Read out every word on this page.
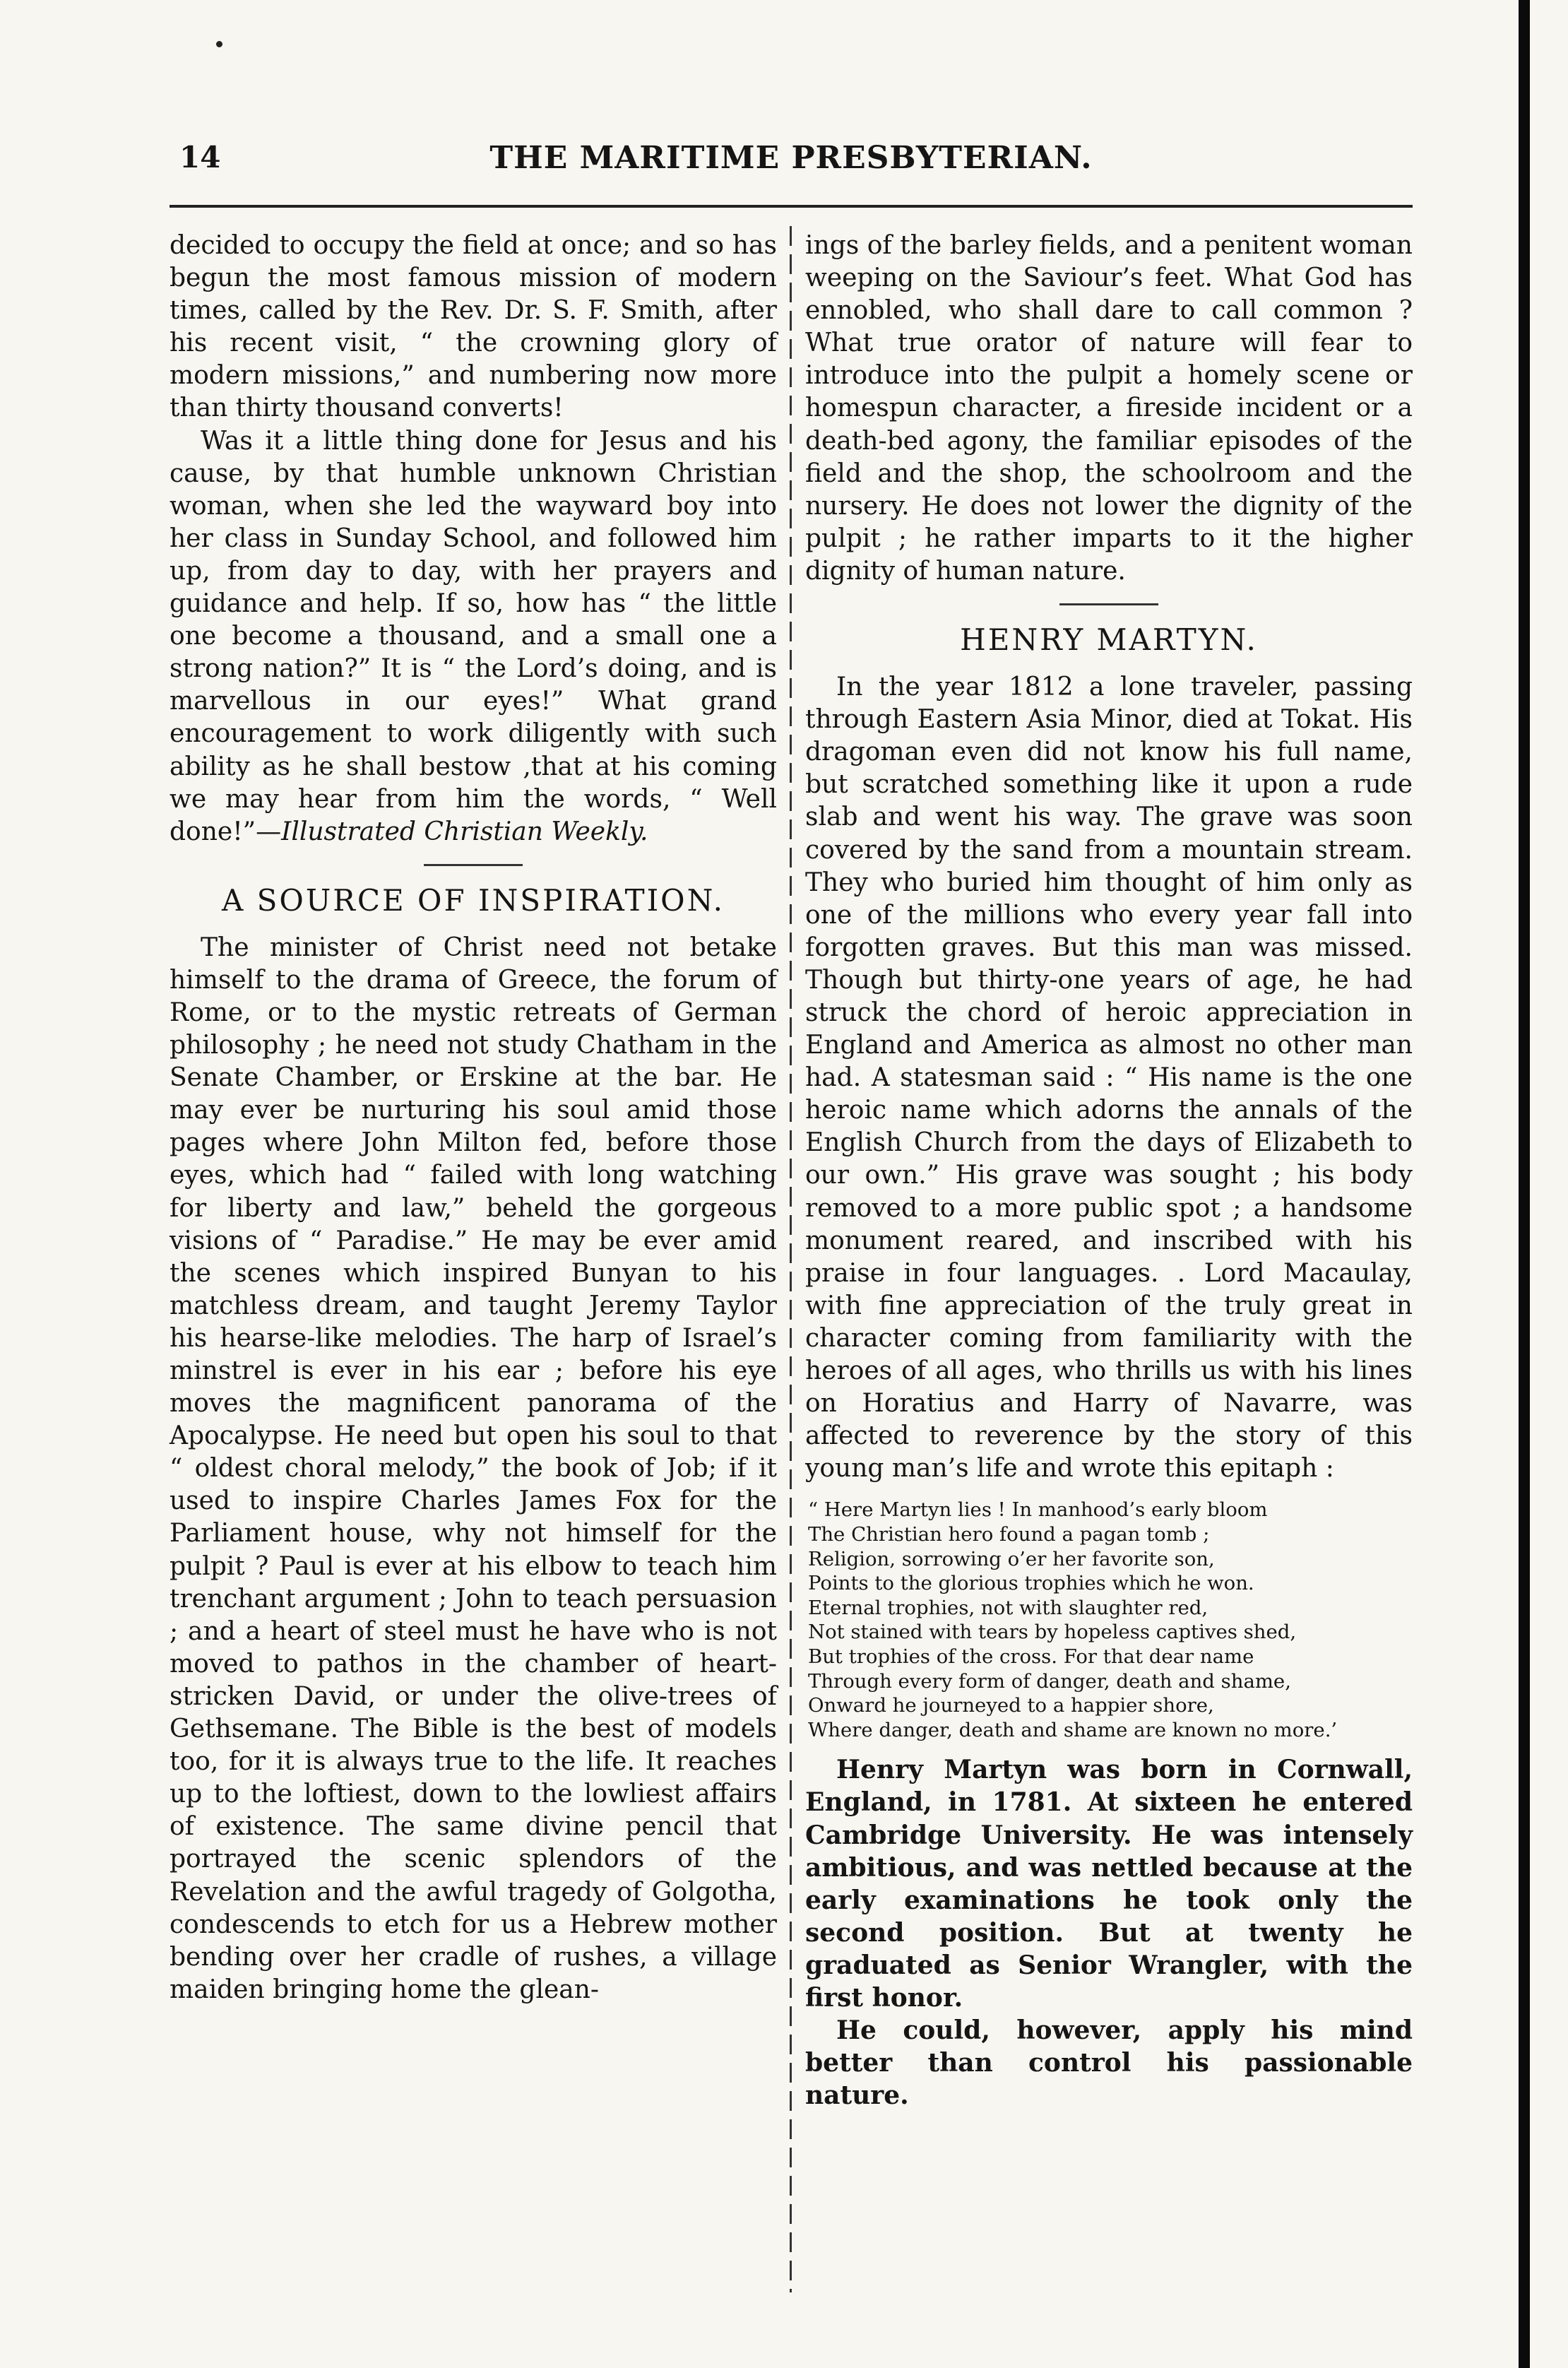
14	THE MARITIME PRESBYTERIAN.

decided to occupy the field at once; and so has begun the most famous mission of modern times, called by the Rev. Dr. S. F. Smith, after his recent visit, “ the crowning glory of modern missions,” and numbering now more than thirty thousand converts!

Was it a little thing done for Jesus and his cause, by that humble unknown Christian woman, when she led the wayward boy into her class in Sunday School, and followed him up, from day to day, with her prayers and guidance and help. If so, how has “ the little one become a thousand, and a small one a strong nation?” It is “ the Lord’s doing, and is marvellous in our eyes!” What grand encouragement to work diligently with such ability as he shall bestow ,that at his coming we may hear from him the words, “ Well done!”—Illustrated Christian Weekly.

A SOURCE OF INSPIRATION.

The minister of Christ need not betake himself to the drama of Greece, the forum of Rome, or to the mystic retreats of German philosophy ; he need not study Chatham in the Senate Chamber, or Erskine at the bar. He may ever be nurturing his soul amid those pages where John Milton fed, before those eyes, which had “ failed with long watching for liberty and law,” beheld the gorgeous visions of “ Paradise.” He may be ever amid the scenes which inspired Bunyan to his matchless dream, and taught Jeremy Taylor his hearse-like melodies. The harp of Israel’s minstrel is ever in his ear ; before his eye moves the magnificent panorama of the Apocalypse. He need but open his soul to that “ oldest choral melody,” the book of Job; if it used to inspire Charles James Fox for the Parliament house, why not himself for the pulpit ? Paul is ever at his elbow to teach him trenchant argument ; John to teach persuasion ; and a heart of steel must he have who is not moved to pathos in the chamber of heart-stricken David, or under the olive-trees of Gethsemane. The Bible is the best of models too, for it is always true to the life. It reaches up to the loftiest, down to the lowliest affairs of existence. The same divine pencil that portrayed the scenic splendors of the Revelation and the awful tragedy of Golgotha, condescends to etch for us a Hebrew mother bending over her cradle of rushes, a village maiden bringing home the glean-

ings of the barley fields, and a penitent woman weeping on the Saviour’s feet. What God has ennobled, who shall dare to call common ? What true orator of nature will fear to introduce into the pulpit a homely scene or homespun character, a fireside incident or a death-bed agony, the familiar episodes of the field and the shop, the schoolroom and the nursery. He does not lower the dignity of the pulpit ; he rather imparts to it the higher dignity of human nature.

HENRY MARTYN.

In the year 1812 a lone traveler, passing through Eastern Asia Minor, died at Tokat. His dragoman even did not know his full name, but scratched something like it upon a rude slab and went his way. The grave was soon covered by the sand from a mountain stream. They who buried him thought of him only as one of the millions who every year fall into forgotten graves. But this man was missed. Though but thirty-one years of age, he had struck the chord of heroic appreciation in England and America as almost no other man had. A statesman said : “ His name is the one heroic name which adorns the annals of the English Church from the days of Elizabeth to our own.” His grave was sought ; his body removed to a more public spot ; a handsome monument reared, and inscribed with his praise in four languages. . Lord Macaulay, with fine appreciation of the truly great in character coming from familiarity with the heroes of all ages, who thrills us with his lines on Horatius and Harry of Navarre, was affected to reverence by the story of this young man’s life and wrote this epitaph :

“ Here Martyn lies ! In manhood’s early bloom
The Christian hero found a pagan tomb ;
Religion, sorrowing o’er her favorite son,
Points to the glorious trophies which he won.
Eternal trophies, not with slaughter red,
Not stained with tears by hopeless captives shed,
But trophies of the cross. For that dear name
Through every form of danger, death and shame,
Onward he journeyed to a happier shore,
Where danger, death and shame are known no more.’

Henry Martyn was born in Cornwall, England, in 1781. At sixteen he entered Cambridge University. He was intensely ambitious, and was nettled because at the early examinations he took only the second position. But at twenty he graduated as Senior Wrangler, with the first honor.

He could, however, apply his mind better than control his passionable nature.
